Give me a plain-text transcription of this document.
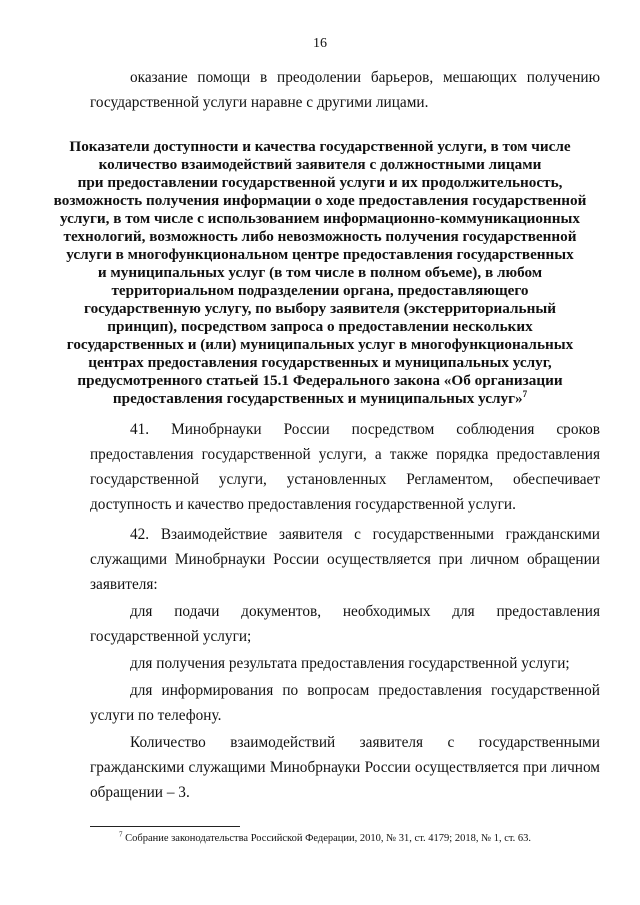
16
оказание помощи в преодолении барьеров, мешающих получению
государственной услуги наравне с другими лицами.
Показатели доступности и качества государственной услуги, в том числе
количество взаимодействий заявителя с должностными лицами
при предоставлении государственной услуги и их продолжительность,
возможность получения информации о ходе предоставления государственной
услуги, в том числе с использованием информационно-коммуникационных
технологий, возможность либо невозможность получения государственной
услуги в многофункциональном центре предоставления государственных
и муниципальных услуг (в том числе в полном объеме), в любом
территориальном подразделении органа, предоставляющего
государственную услугу, по выбору заявителя (экстерриториальный
принцип), посредством запроса о предоставлении нескольких
государственных и (или) муниципальных услуг в многофункциональных
центрах предоставления государственных и муниципальных услуг,
предусмотренного статьей 15.1 Федерального закона «Об организации
предоставления государственных и муниципальных услуг»$^7$
41. Минобрнауки России посредством соблюдения сроков
предоставления государственной услуги, а также порядка предоставления
государственной услуги, установленных Регламентом, обеспечивает
доступность и качество предоставления государственной услуги.
42. Взаимодействие заявителя с государственными гражданскими
служащими Минобрнауки России осуществляется при личном обращении
заявителя:
для подачи документов, необходимых для предоставления
государственной услуги;
для получения результата предоставления государственной услуги;
для информирования по вопросам предоставления государственной
услуги по телефону.
Количество взаимодействий заявителя с государственными
гражданскими служащими Минобрнауки России осуществляется при личном
обращении – 3.
$^7$ Собрание законодательства Российской Федерации, 2010, № 31, ст. 4179; 2018, № 1, ст. 63.
